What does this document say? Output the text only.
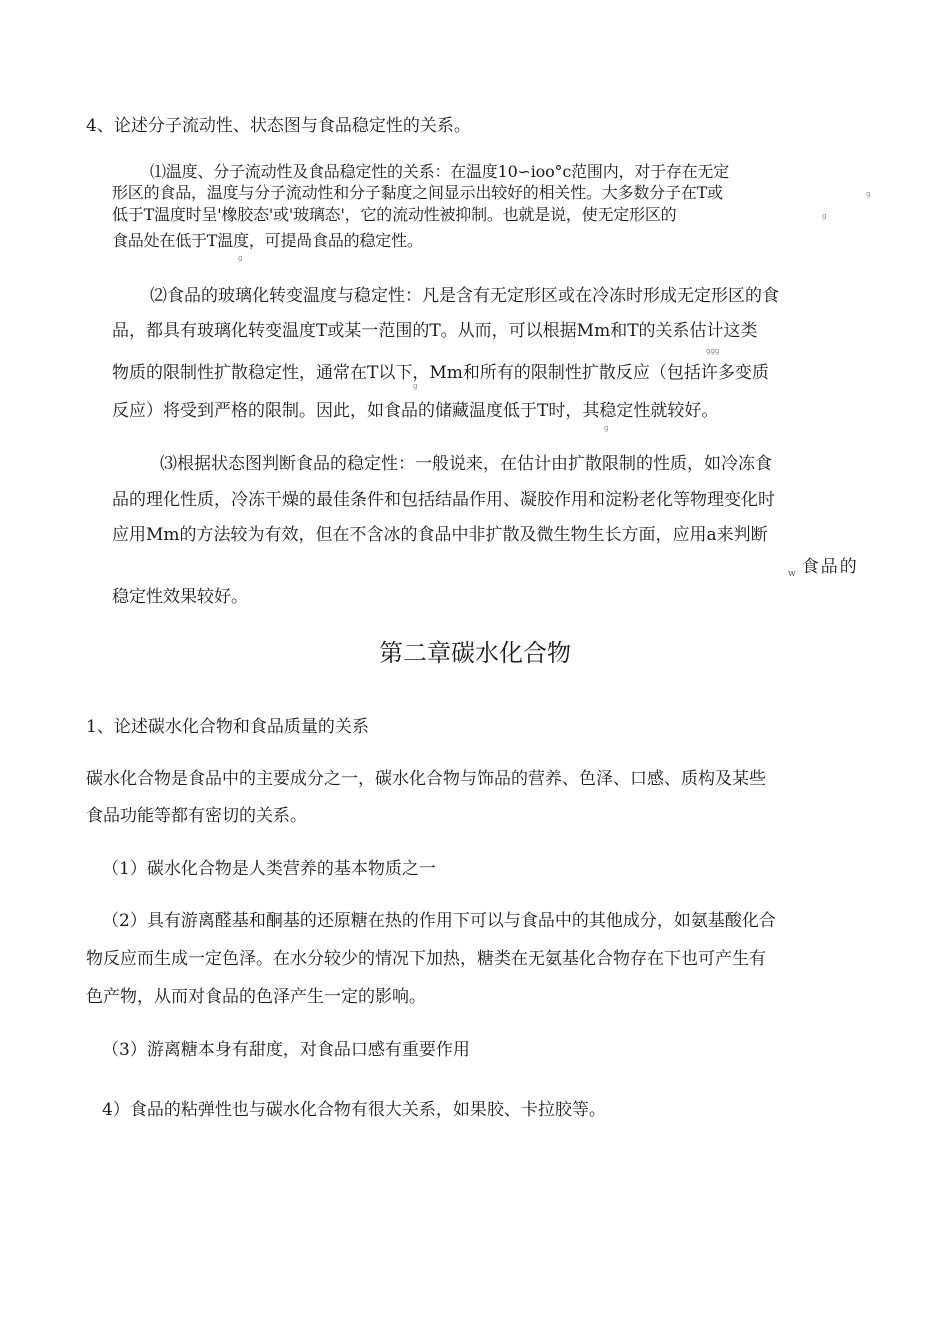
4、论述分子流动性、状态图与食品稳定性的关系。
⑴温度、分子流动性及食品稳定性的关系：在温度10∽ioo°c范围内，对于存在无定
形区的食品，温度与分子流动性和分子黏度之间显示出较好的相关性。大多数分子在T或	g
低于T温度时呈'橡胶态'或'玻璃态'，它的流动性被抑制。也就是说，使无定形区的	g
食品处在低于T温度，可提咼食品的稳定性。
g
⑵食品的玻璃化转变温度与稳定性：凡是含有无定形区或在冷冻时形成无定形区的食
品，都具有玻璃化转变温度T或某一范围的T。从而，可以根据Mm和T的关系估计这类
ggg
物质的限制性扩散稳定性，通常在T以下，Mm和所有的限制性扩散反应（包括许多变质
g
反应）将受到严格的限制。因此，如食品的储藏温度低于T时，其稳定性就较好。
g
⑶根据状态图判断食品的稳定性：一般说来，在估计由扩散限制的性质，如冷冻食
品的理化性质，冷冻干燥的最佳条件和包括结晶作用、凝胶作用和淀粉老化等物理变化时
应用Mm的方法较为有效，但在不含冰的食品中非扩散及微生物生长方面，应用a来判断
$_w$ 食品的
稳定性效果较好。
第二章碳水化合物
1、论述碳水化合物和食品质量的关系
碳水化合物是食品中的主要成分之一，碳水化合物与饰品的营养、色泽、口感、质构及某些
食品功能等都有密切的关系。
（1）碳水化合物是人类营养的基本物质之一
（2）具有游离醛基和酮基的还原糖在热的作用下可以与食品中的其他成分，如氨基酸化合
物反应而生成一定色泽。在水分较少的情况下加热，糖类在无氨基化合物存在下也可产生有
色产物，从而对食品的色泽产生一定的影响。
（3）游离糖本身有甜度，对食品口感有重要作用
4）食品的粘弹性也与碳水化合物有很大关系，如果胶、卡拉胶等。
